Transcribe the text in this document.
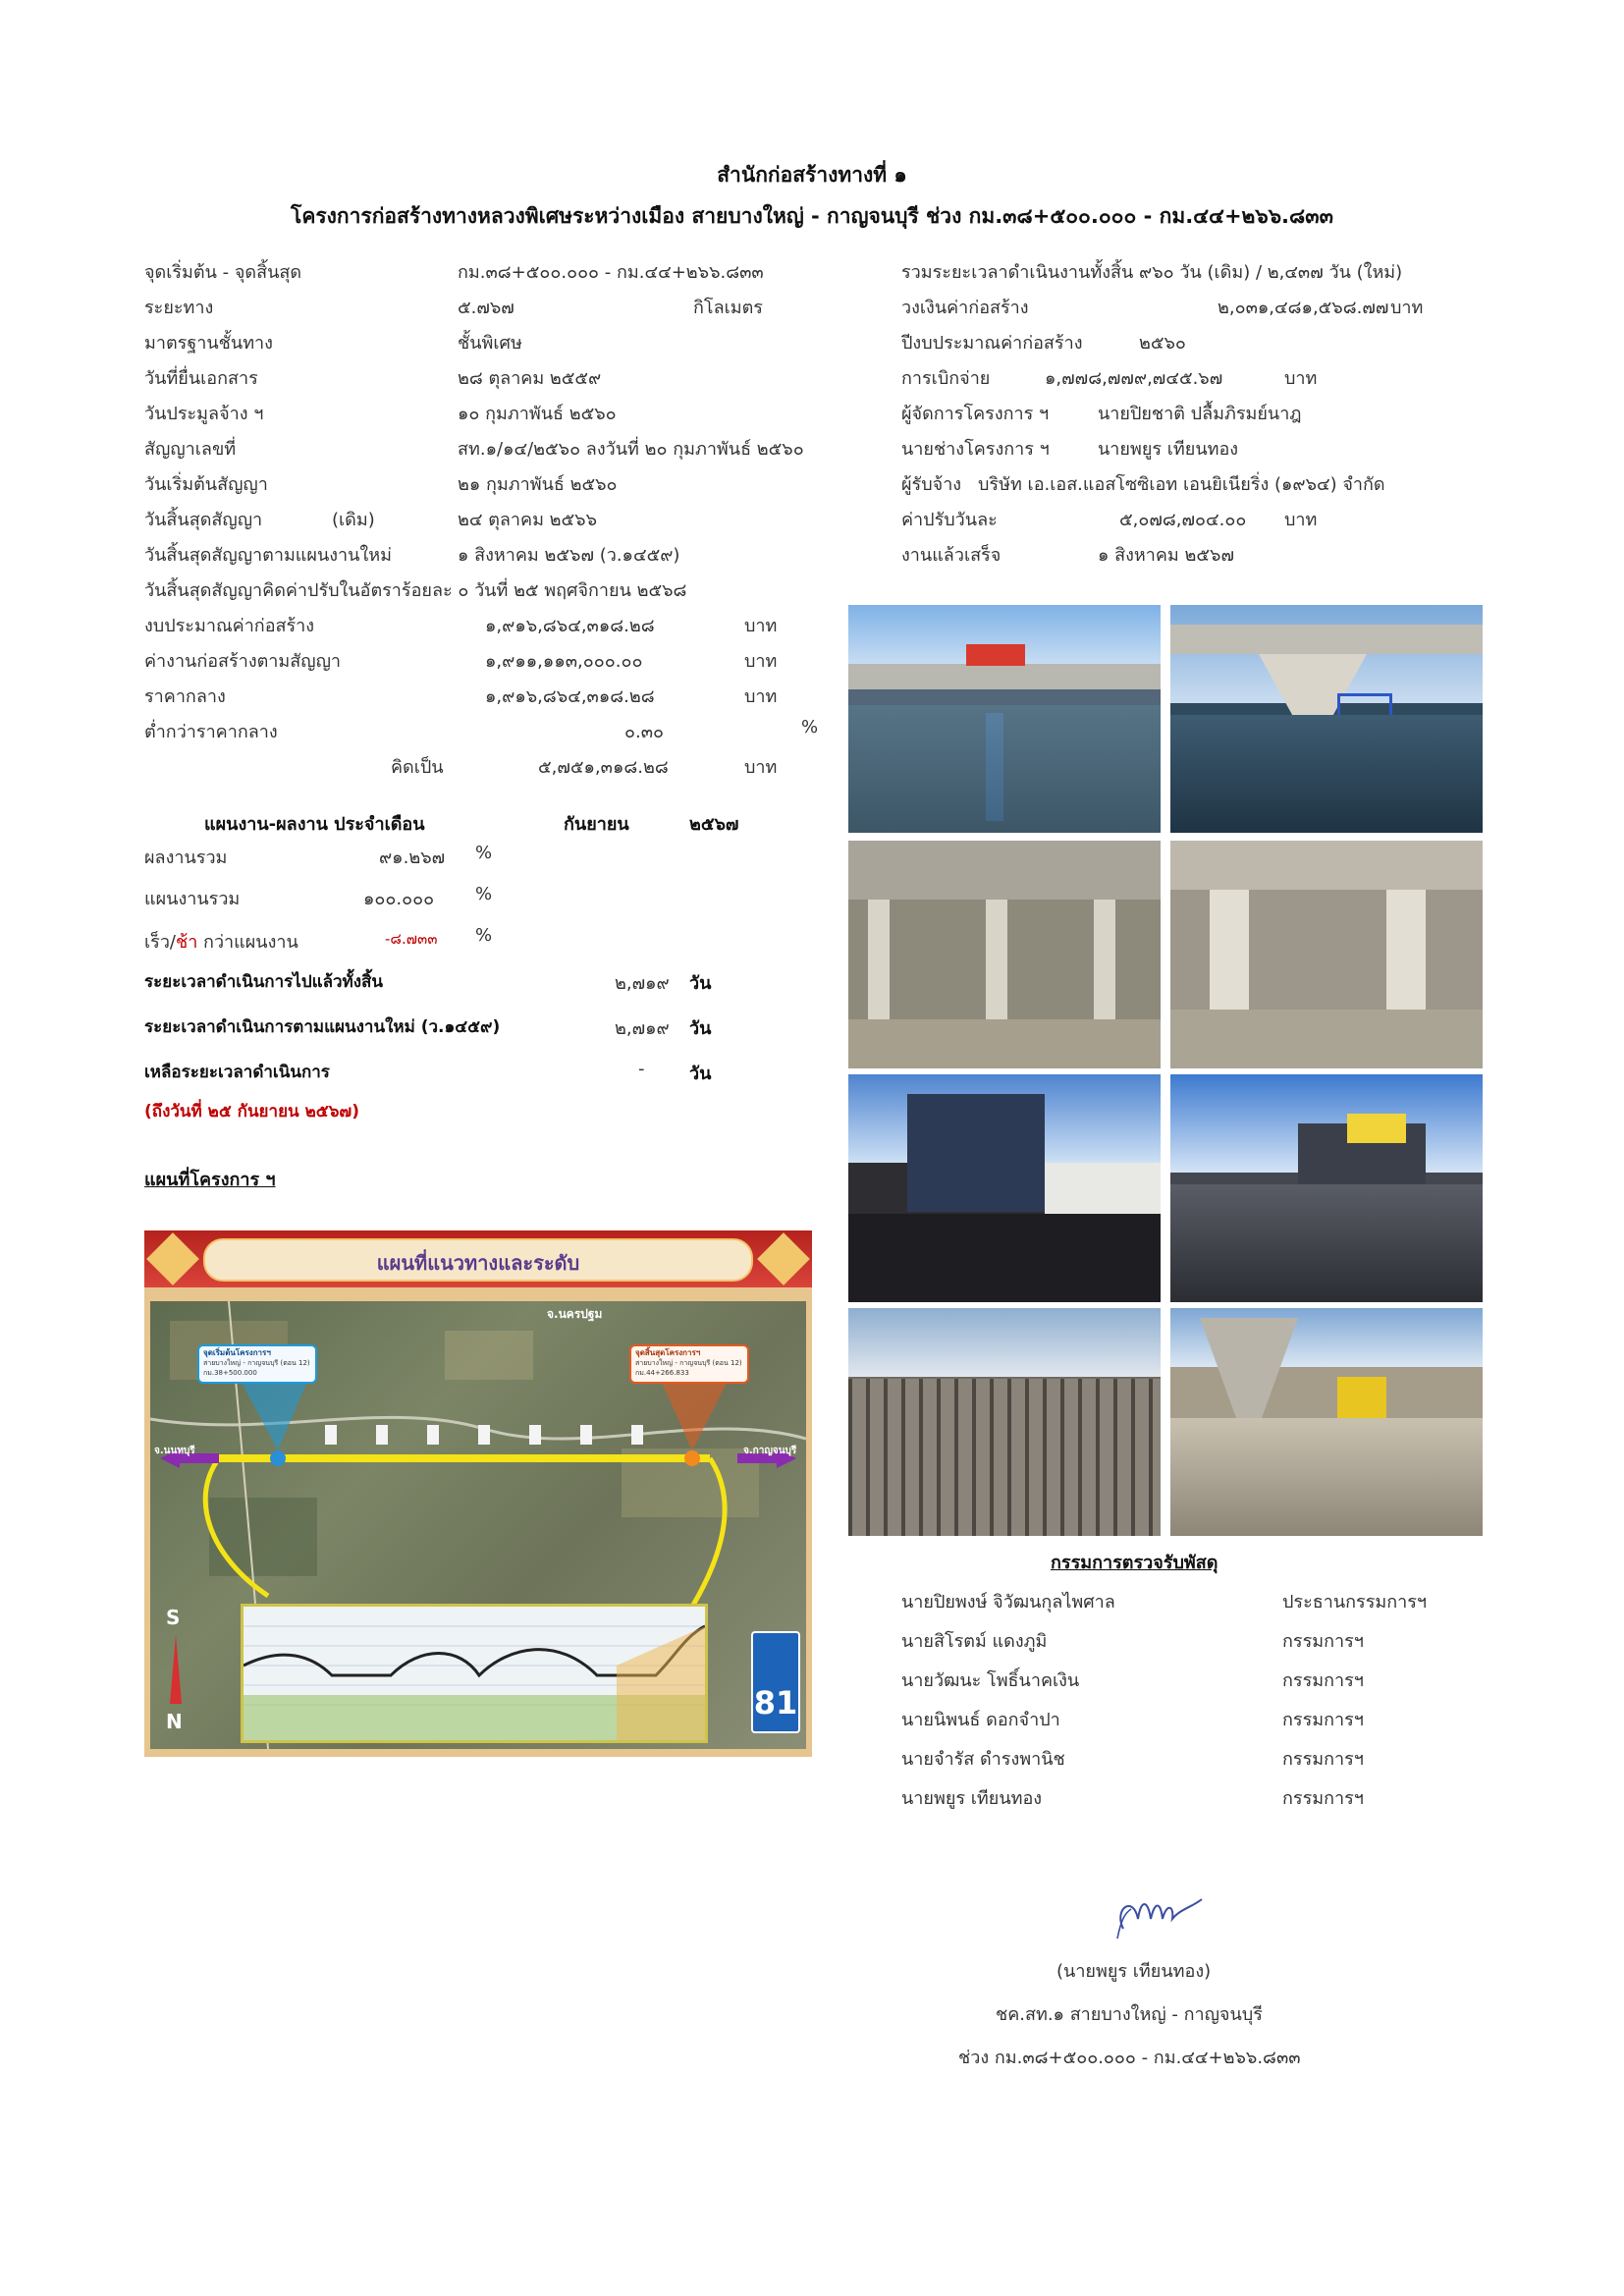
สำนักก่อสร้างทางที่ ๑
โครงการก่อสร้างทางหลวงพิเศษระหว่างเมือง สายบางใหญ่ - กาญจนบุรี ช่วง กม.๓๘+๕๐๐.๐๐๐ - กม.๔๔+๒๖๖.๘๓๓
จุดเริ่มต้น - จุดสิ้นสุด	กม.๓๘+๕๐๐.๐๐๐ - กม.๔๔+๒๖๖.๘๓๓
ระยะทาง	๕.๗๖๗	กิโลเมตร
มาตรฐานชั้นทาง	ชั้นพิเศษ
วันที่ยื่นเอกสาร	๒๘ ตุลาคม ๒๕๕๙
วันประมูลจ้าง ฯ	๑๐ กุมภาพันธ์ ๒๕๖๐
สัญญาเลขที่	สท.๑/๑๔/๒๕๖๐ ลงวันที่ ๒๐ กุมภาพันธ์ ๒๕๖๐
วันเริ่มต้นสัญญา	๒๑ กุมภาพันธ์ ๒๕๖๐
วันสิ้นสุดสัญญา	(เดิม)	๒๔ ตุลาคม ๒๕๖๖
วันสิ้นสุดสัญญาตามแผนงานใหม่	๑ สิงหาคม ๒๕๖๗ (ว.๑๔๕๙)
วันสิ้นสุดสัญญาคิดค่าปรับในอัตราร้อยละ ๐ วันที่ ๒๕ พฤศจิกายน ๒๕๖๘
งบประมาณค่าก่อสร้าง	๑,๙๑๖,๘๖๔,๓๑๘.๒๘	บาท
ค่างานก่อสร้างตามสัญญา	๑,๙๑๑,๑๑๓,๐๐๐.๐๐	บาท
ราคากลาง	๑,๙๑๖,๘๖๔,๓๑๘.๒๘	บาท
ต่ำกว่าราคากลาง	๐.๓๐	%
คิดเป็น	๕,๗๕๑,๓๑๘.๒๘	บาท
แผนงาน-ผลงาน ประจำเดือน	กันยายน	๒๕๖๗
ผลงานรวม	๙๑.๒๖๗ %
แผนงานรวม	๑๐๐.๐๐๐ %
เร็ว/ช้า กว่าแผนงาน	-๘.๗๓๓ %
ระยะเวลาดำเนินการไปแล้วทั้งสิ้น	๒,๗๑๙ วัน
ระยะเวลาดำเนินการตามแผนงานใหม่ (ว.๑๔๕๙)	๒,๗๑๙ วัน
เหลือระยะเวลาดำเนินการ	-	วัน
(ถึงวันที่ ๒๕ กันยายน ๒๕๖๗)
แผนที่โครงการ ฯ
แผนที่แนวทางและระดับ
จุดเริ่มต้นโครงการฯ
สายบางใหญ่ - กาญจนบุรี (ตอน 12)
กม.38+500.000
จุดสิ้นสุดโครงการฯ
สายบางใหญ่ - กาญจนบุรี (ตอน 12)
กม.44+266.833
จ.นครปฐม
จ.นนทบุรี	จ.กาญจนบุรี
S
N	81
รวมระยะเวลาดำเนินงานทั้งสิ้น ๙๖๐ วัน (เดิม) / ๒,๔๓๗ วัน (ใหม่)
วงเงินค่าก่อสร้าง	๒,๐๓๑,๔๘๑,๕๖๘.๗๗ บาท
ปีงบประมาณค่าก่อสร้าง	๒๕๖๐
การเบิกจ่าย	๑,๗๗๘,๗๗๙,๗๔๕.๖๗	บาท
ผู้จัดการโครงการ ฯ	นายปิยชาติ ปลื้มภิรมย์นาฎ
นายช่างโครงการ ฯ	นายพยูร เทียนทอง
ผู้รับจ้าง บริษัท เอ.เอส.แอสโซซิเอท เอนยิเนียริ่ง (๑๙๖๔) จำกัด
ค่าปรับวันละ	๕,๐๗๘,๗๐๔.๐๐ บาท
งานแล้วเสร็จ	๑ สิงหาคม ๒๕๖๗
กรรมการตรวจรับพัสดุ
นายปิยพงษ์ จิวัฒนกุลไพศาล	ประธานกรรมการฯ
นายสิโรตม์ แดงภูมิ	กรรมการฯ
นายวัฒนะ โพธิ์นาคเงิน	กรรมการฯ
นายนิพนธ์ ดอกจำปา	กรรมการฯ
นายจำรัส ดำรงพานิช	กรรมการฯ
นายพยูร เทียนทอง	กรรมการฯ
(นายพยูร เทียนทอง)
ชค.สท.๑ สายบางใหญ่ - กาญจนบุรี
ช่วง กม.๓๘+๕๐๐.๐๐๐ - กม.๔๔+๒๖๖.๘๓๓
